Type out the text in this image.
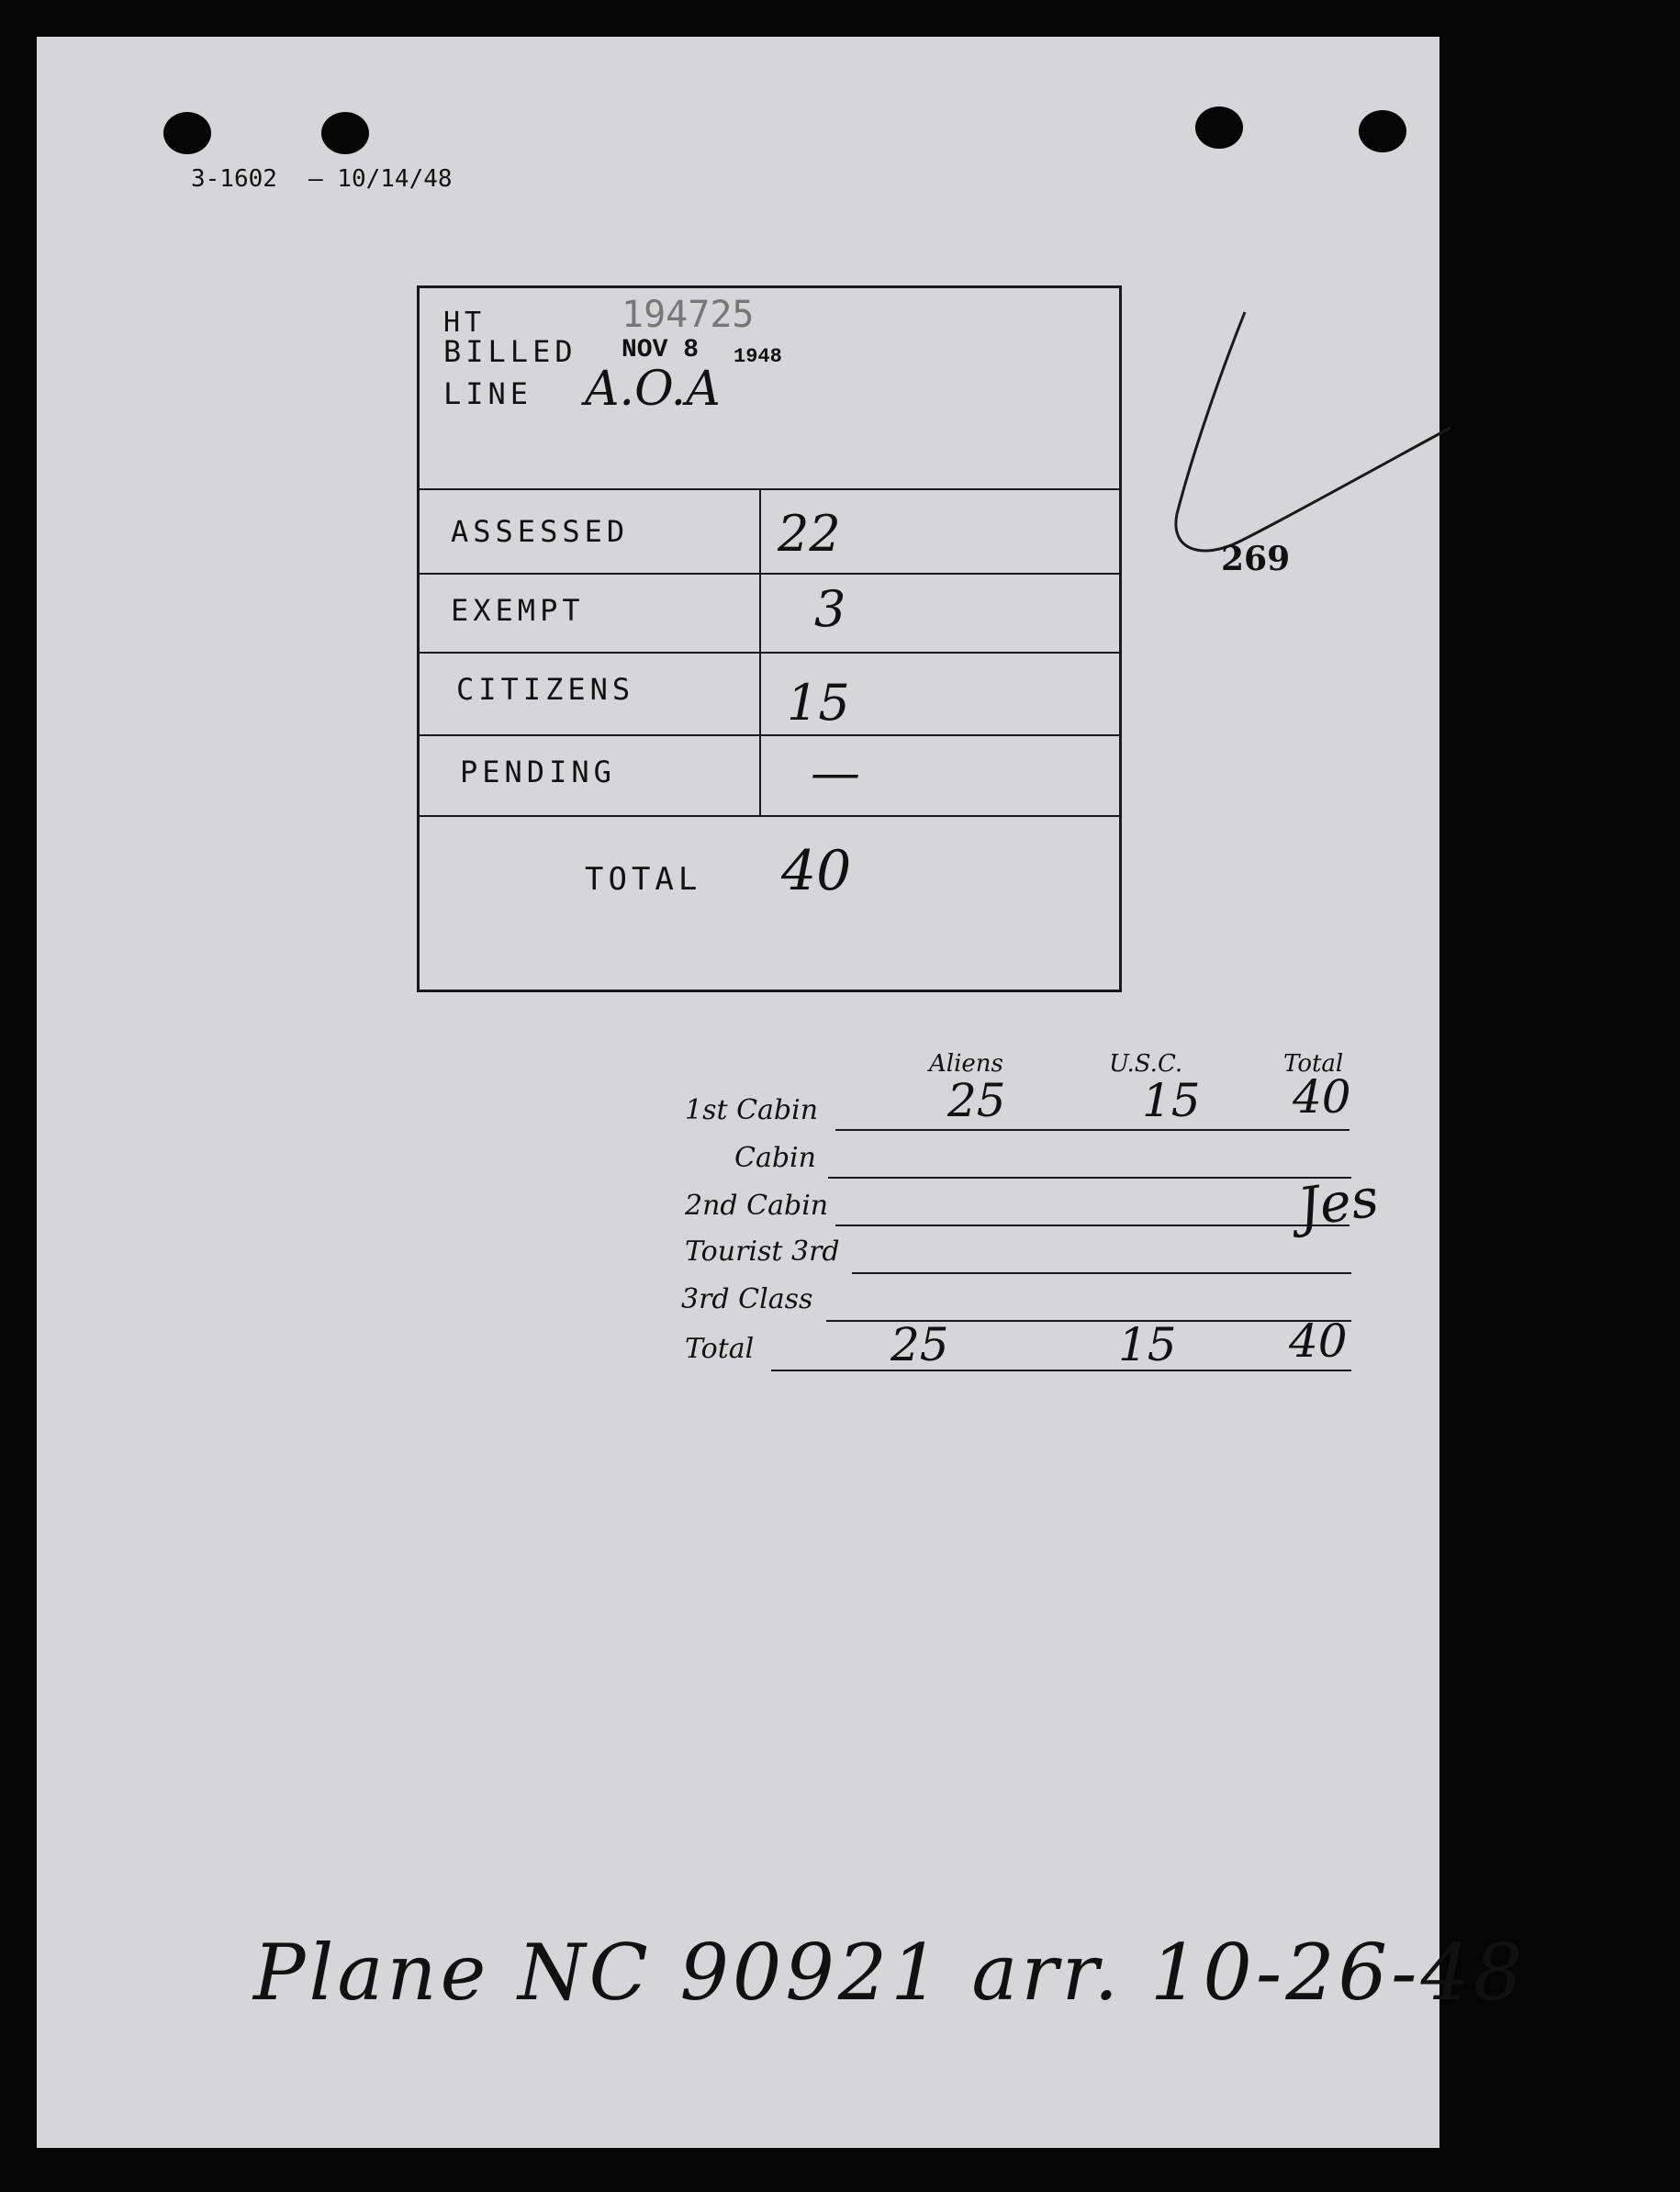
3-1602 — 10/14/48
HT	194725
BILLED NOV 8 1948
LINE A.O.A
ASSESSED	22
EXEMPT	3
CITIZENS	15
PENDING	—
TOTAL 40
269
Aliens	U.S.C.	Total
1st Cabin	25	15 40
Cabin
2nd Cabin
Tourist 3rd
3rd Class
Total	25	15 40
Jes
Plane NC 90921 arr. 10-26-48
